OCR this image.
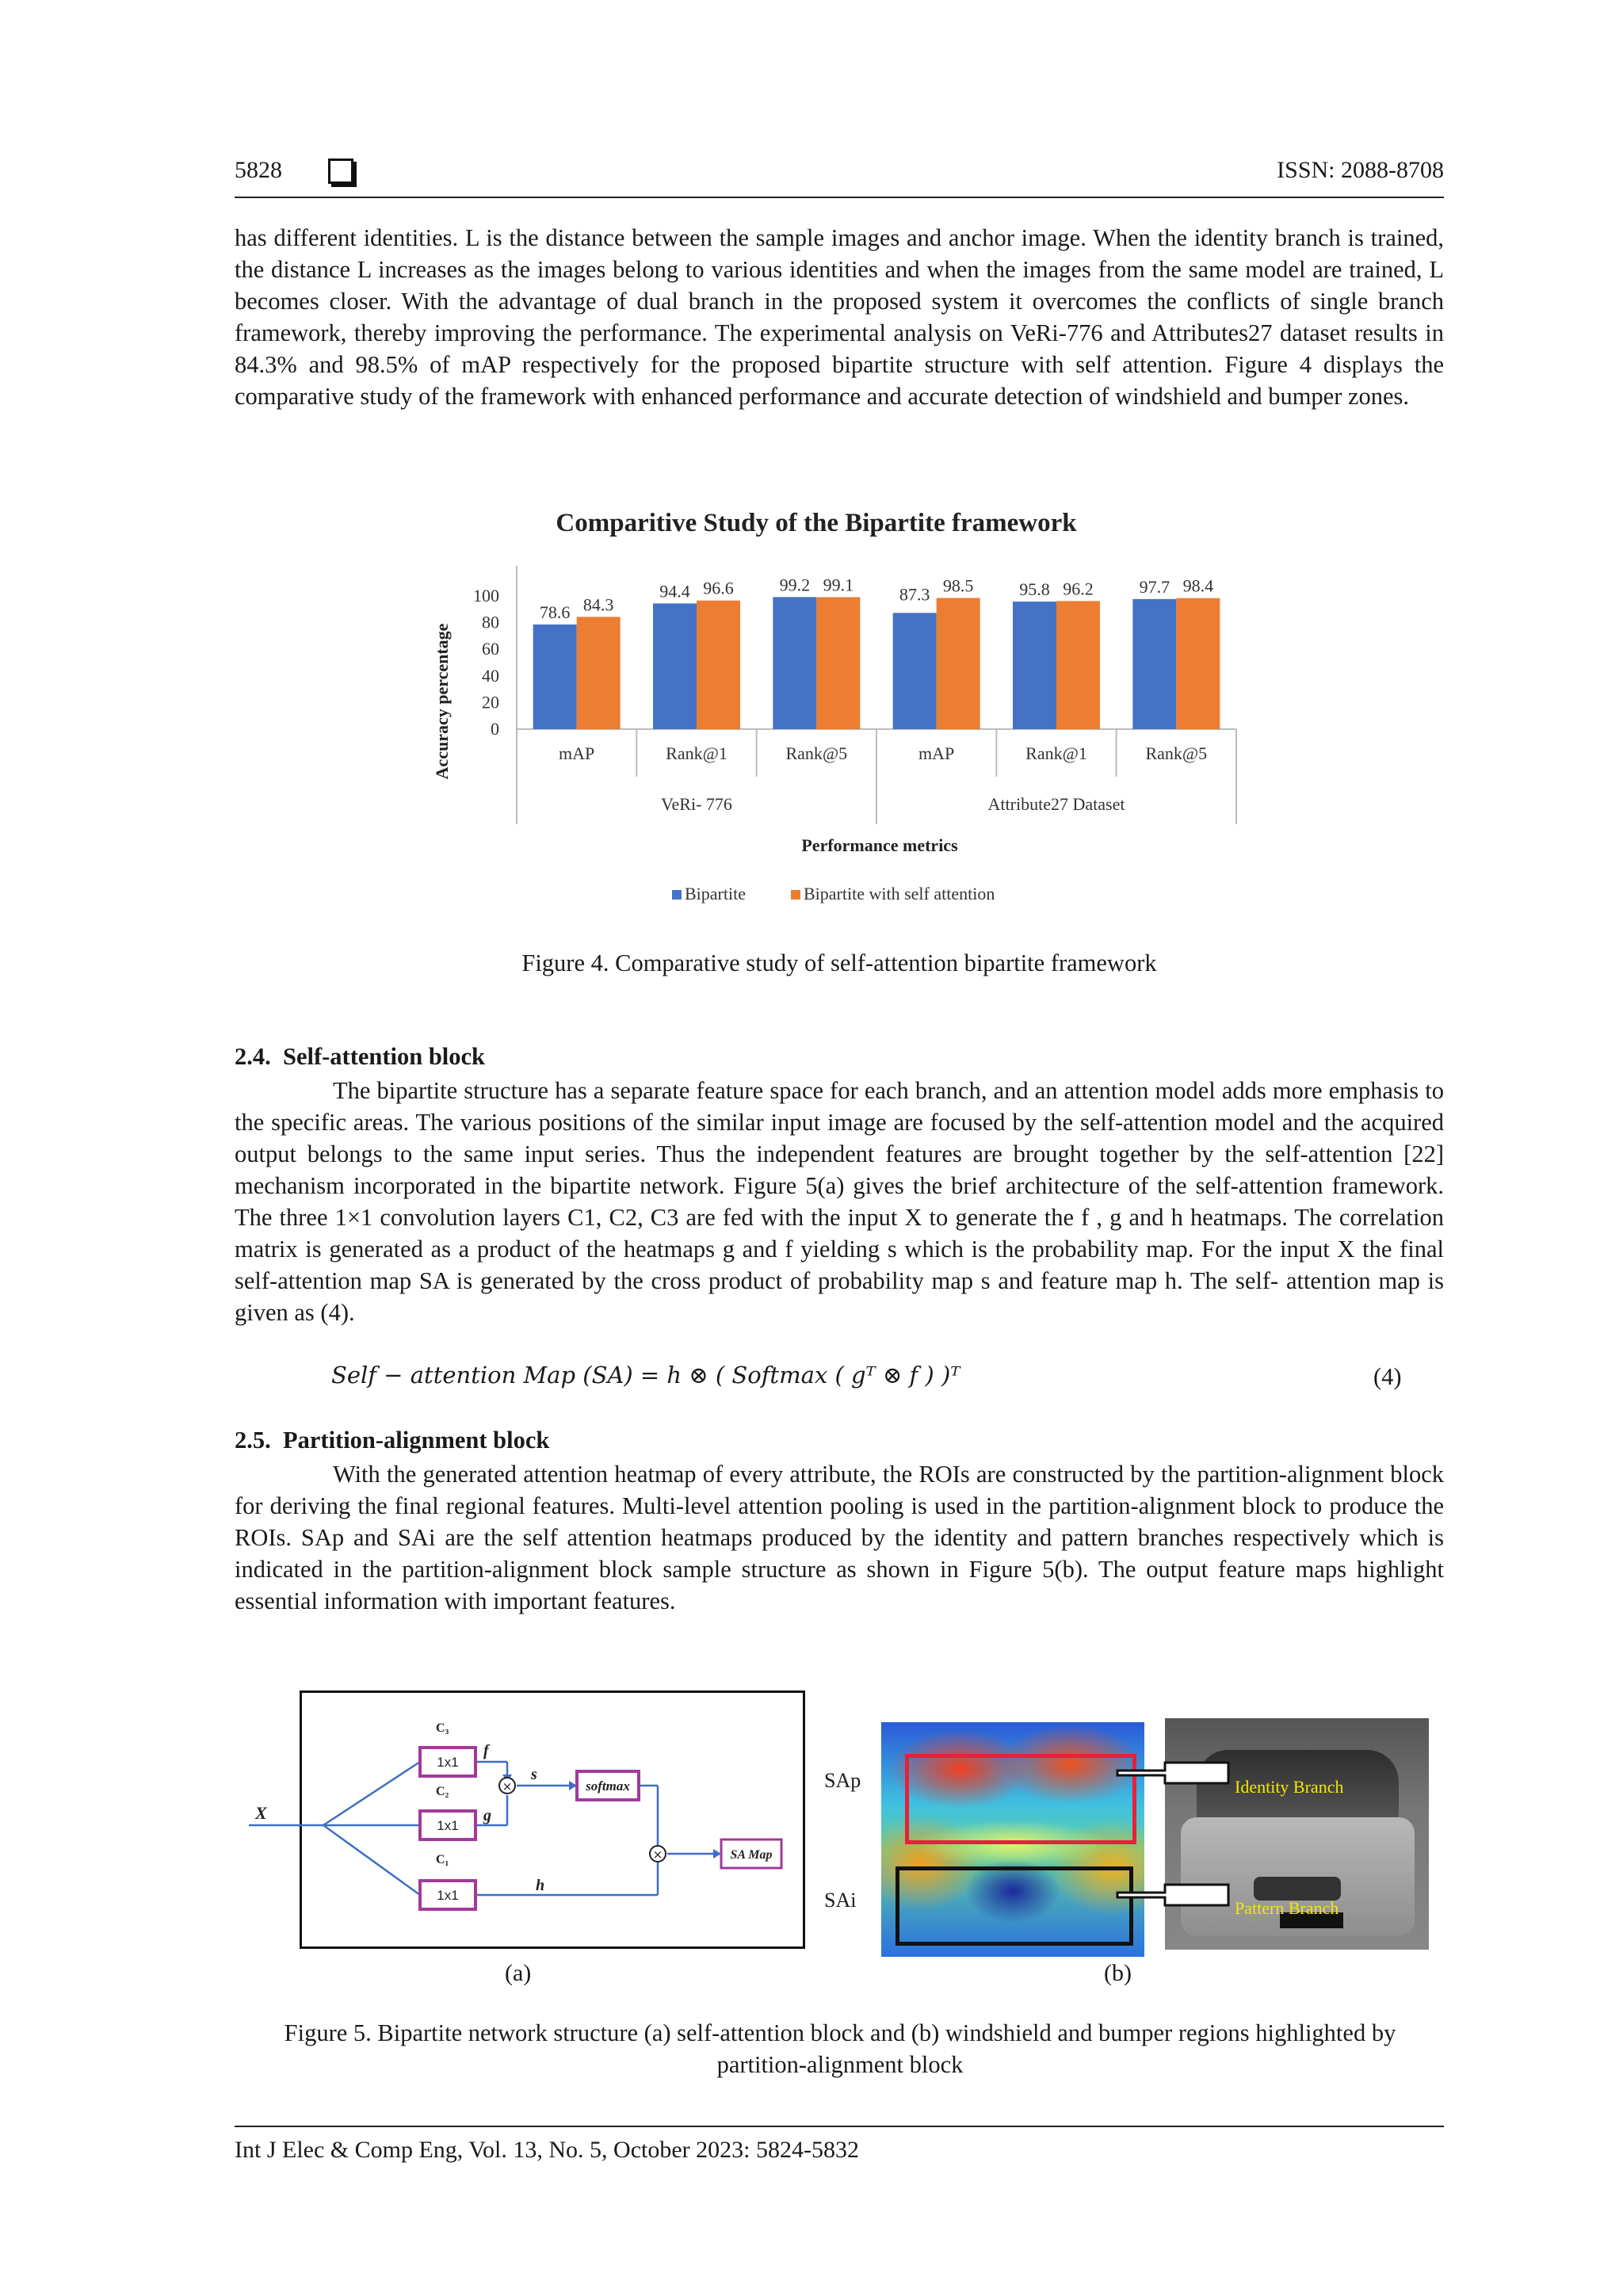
5828	ISSN: 2088-8708

has different identities. L is the distance between the sample images and anchor image. When the identity branch is trained, the distance L increases as the images belong to various identities and when the images from the same model are trained, L becomes closer. With the advantage of dual branch in the proposed system it overcomes the conflicts of single branch framework, thereby improving the performance. The experimental analysis on VeRi-776 and Attributes27 dataset results in 84.3% and 98.5% of mAP respectively for the proposed bipartite structure with self attention. Figure 4 displays the comparative study of the framework with enhanced performance and accurate detection of windshield and bumper zones.

Comparitive Study of the Bipartite framework
Accuracy percentage
Performance metrics
0
20
40
60
80
100
78.6
94.4	99.2	87.3	95.8	97.7
84.3
96.6	99.1	98.5	96.2	98.4
mAP	Rank@1	Rank@5	mAP	Rank@1	Rank@5
VeRi- 776	Attribute27 Dataset
Bipartite	Bipartite with self attention
Figure 4. Comparative study of self-attention bipartite framework
2.4.  Self-attention block

The bipartite structure has a separate feature space for each branch, and an attention model adds more emphasis to the specific areas. The various positions of the similar input image are focused by the self-attention model and the acquired output belongs to the same input series. Thus the independent features are brought together by the self-attention [22] mechanism incorporated in the bipartite network. Figure 5(a) gives the brief architecture of the self-attention framework. The three 1×1 convolution layers C1, C2, C3 are fed with the input X to generate the f , g and h heatmaps. The correlation matrix is generated as a product of the heatmaps g and f yielding s which is the probability map. For the input X the final self-attention map SA is generated by the cross product of probability map s and feature map h. The self- attention map is given as (4).

Self − attention Map (SA) = h ⊗ ( Softmax ( gᵀ ⊗ f ) )ᵀ	(4)
2.5.  Partition-alignment block

With the generated attention heatmap of every attribute, the ROIs are constructed by the partition-alignment block for deriving the final regional features. Multi-level attention pooling is used in the partition-alignment block to produce the ROIs. SAp and SAi are the self attention heatmaps produced by the identity and pattern branches respectively which is indicated in the partition-alignment block sample structure as shown in Figure 5(b). The output feature maps highlight essential information with important features.

X
C₃
1x1
C₂
1x1
C₁
1x1
f
g
h
s
×
×
softmax
SA Map
SAp
SAi
Identity Branch
Pattern Branch
(a)	(b)
Figure 5. Bipartite network structure (a) self-attention block and (b) windshield and bumper regions highlighted by partition-alignment block
Int J Elec & Comp Eng, Vol. 13, No. 5, October 2023: 5824-5832
